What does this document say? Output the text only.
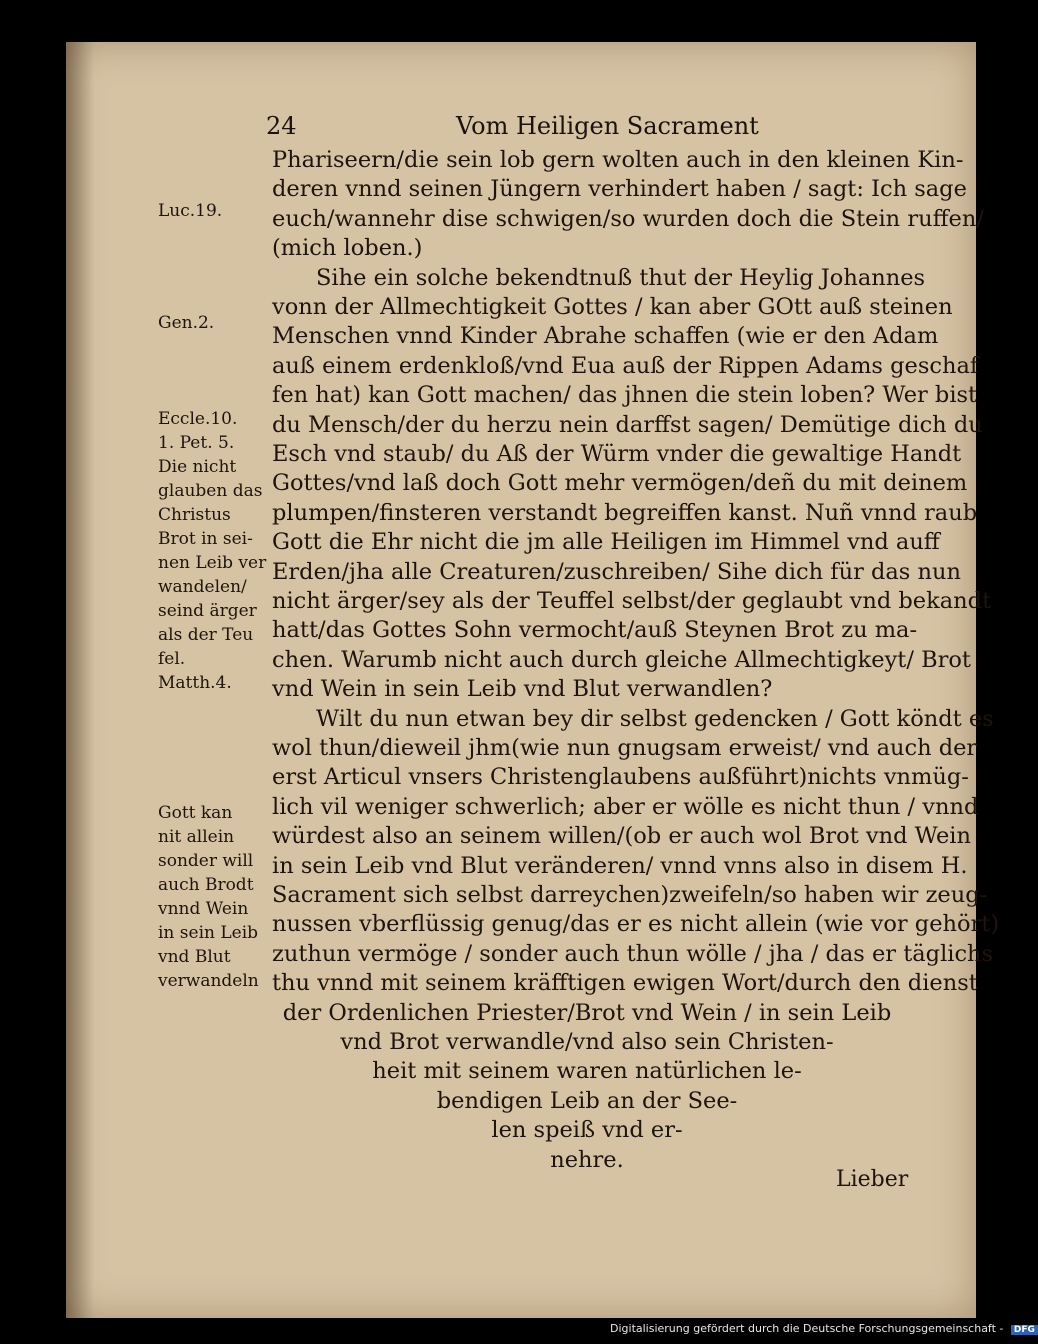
24	Vom Heiligen Sacrament
Phariseern/die sein lob gern wolten auch in den kleinen Kin-
deren vnnd seinen Jüngern verhindert haben / sagt: Ich sage
euch/wannehr dise schwigen/so wurden doch die Stein ruffen/
(mich loben.)
Sihe ein solche bekendtnuß thut der Heylig Johannes
vonn der Allmechtigkeit Gottes / kan aber GOtt auß steinen
Menschen vnnd Kinder Abrahe schaffen (wie er den Adam
auß einem erdenkloß/vnd Eua auß der Rippen Adams geschaf
fen hat) kan Gott machen/ das jhnen die stein loben? Wer bist
du Mensch/der du herzu nein darffst sagen/ Demütige dich du
Esch vnd staub/ du Aß der Würm vnder die gewaltige Handt
Gottes/vnd laß doch Gott mehr vermögen/deñ du mit deinem
plumpen/finsteren verstandt begreiffen kanst. Nuñ vnnd raub
Gott die Ehr nicht die jm alle Heiligen im Himmel vnd auff
Erden/jha alle Creaturen/zuschreiben/ Sihe dich für das nun
nicht ärger/sey als der Teuffel selbst/der geglaubt vnd bekandt
hatt/das Gottes Sohn vermocht/auß Steynen Brot zu ma-
chen. Warumb nicht auch durch gleiche Allmechtigkeyt/ Brot
vnd Wein in sein Leib vnd Blut verwandlen?
Wilt du nun etwan bey dir selbst gedencken / Gott köndt es
wol thun/dieweil jhm(wie nun gnugsam erweist/ vnd auch der
erst Articul vnsers Christenglaubens außführt)nichts vnmüg-
lich vil weniger schwerlich; aber er wölle es nicht thun / vnnd
würdest also an seinem willen/(ob er auch wol Brot vnd Wein
in sein Leib vnd Blut veränderen/ vnnd vnns also in disem H.
Sacrament sich selbst darreychen)zweifeln/so haben wir zeug-
nussen vberflüssig genug/das er es nicht allein (wie vor gehört)
zuthun vermöge / sonder auch thun wölle / jha / das er täglichs
thu vnnd mit seinem kräfftigen ewigen Wort/durch den dienst
der Ordenlichen Priester/Brot vnd Wein / in sein Leib
vnd Brot verwandle/vnd also sein Christen-
heit mit seinem waren natürlichen le-
bendigen Leib an der See-
len speiß vnd er-
nehre.
Luc.19.
Gen.2.
Eccle.10.
1. Pet. 5.
Die nicht
glauben das
Christus
Brot in sei-
nen Leib ver
wandelen/
seind ärger
als der Teu
fel.
Matth.4.
Gott kan
nit allein
sonder will
auch Brodt
vnnd Wein
in sein Leib
vnd Blut
verwandeln
Lieber
Digitalisierung gefördert durch die Deutsche Forschungsgemeinschaft - DFG
